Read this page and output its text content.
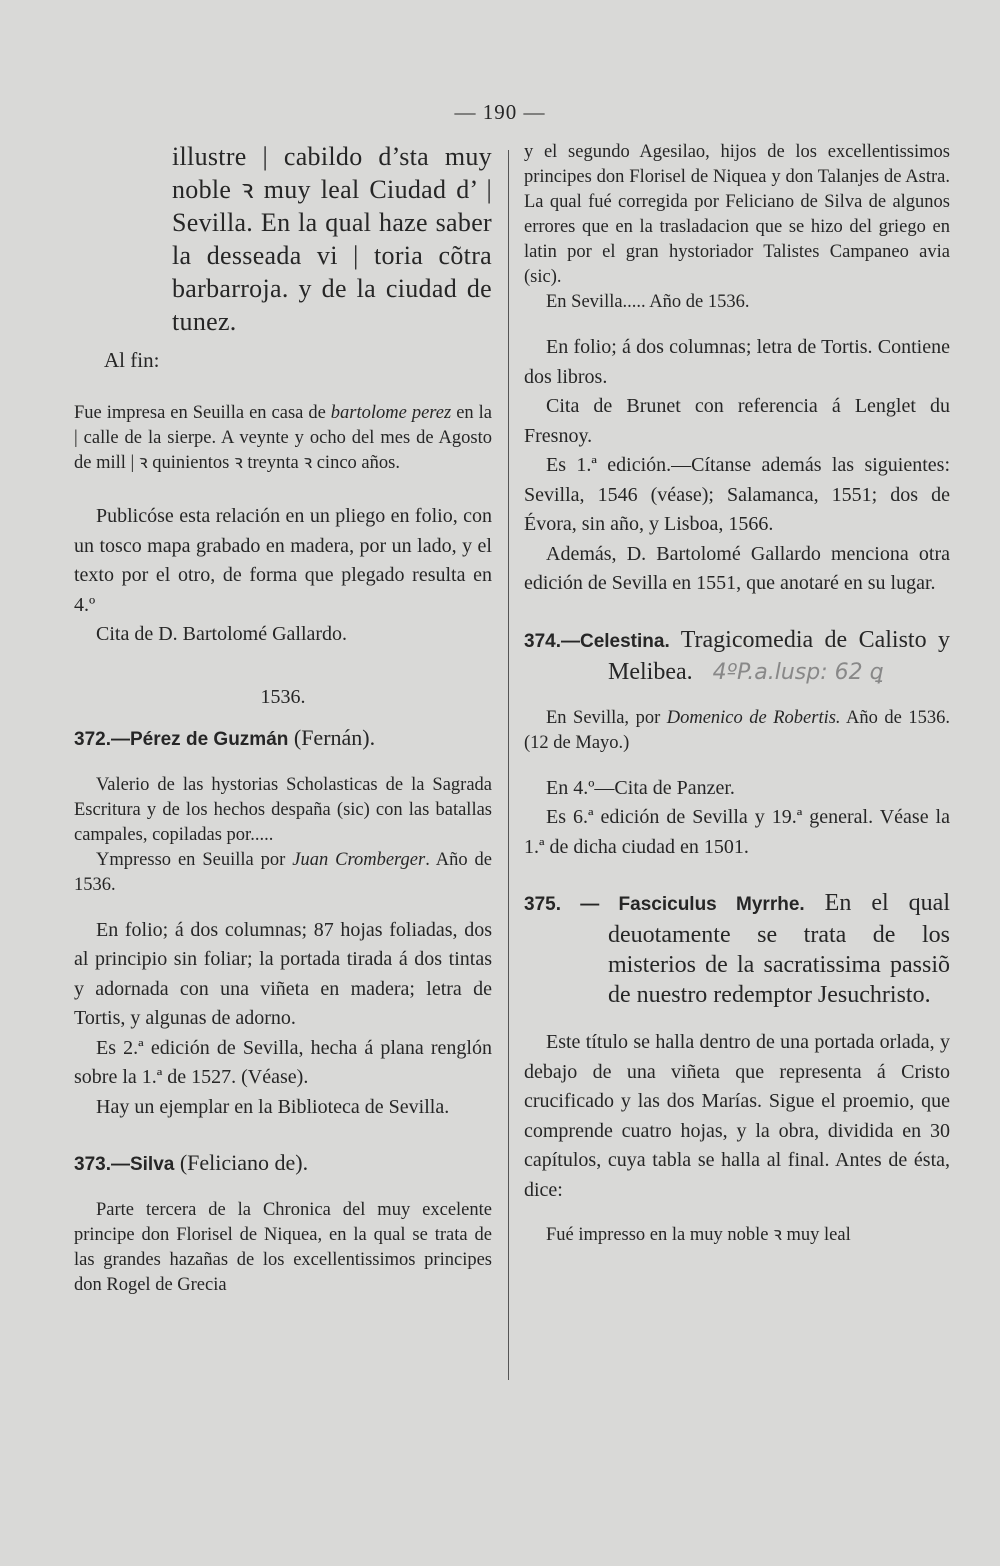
— 190 —

illustre | cabildo d’sta muy noble ꝛ muy leal Ciudad d’ | Sevilla. En la qual haze saber la desseada vi | toria cõtra barbarroja. y de la ciudad de tunez.

Al fin:

Fue impresa en Seuilla en casa de bartolome perez en la | calle de la sierpe. A veynte y ocho del mes de Agosto de mill | ꝛ quinientos ꝛ treynta ꝛ cinco años.

Publicóse esta relación en un pliego en folio, con un tosco mapa grabado en madera, por un lado, y el texto por el otro, de forma que plegado resulta en 4.º

Cita de D. Bartolomé Gallardo.

1536.

372.—Pérez de Guzmán (Fernán).

Valerio de las hystorias Scholasticas de la Sagrada Escritura y de los hechos despaña (sic) con las batallas campales, copiladas por.....

Ympresso en Seuilla por Juan Cromberger. Año de 1536.

En folio; á dos columnas; 87 hojas foliadas, dos al principio sin foliar; la portada tirada á dos tintas y adornada con una viñeta en madera; letra de Tortis, y algunas de adorno.

Es 2.ª edición de Sevilla, hecha á plana renglón sobre la 1.ª de 1527. (Véase).

Hay un ejemplar en la Biblioteca de Sevilla.

373.—Silva (Feliciano de).

Parte tercera de la Chronica del muy excelente principe don Florisel de Niquea, en la qual se trata de las grandes hazañas de los excellentissimos principes don Rogel de Grecia

y el segundo Agesilao, hijos de los excellentissimos principes don Florisel de Niquea y don Talanjes de Astra. La qual fué corregida por Feliciano de Silva de algunos errores que en la trasladacion que se hizo del griego en latin por el gran hystoriador Talistes Campaneo avia (sic).

En Sevilla..... Año de 1536.

En folio; á dos columnas; letra de Tortis. Contiene dos libros.

Cita de Brunet con referencia á Lenglet du Fresnoy.

Es 1.ª edición.—Cítanse además las siguientes: Sevilla, 1546 (véase); Salamanca, 1551; dos de Évora, sin año, y Lisboa, 1566.

Además, D. Bartolomé Gallardo menciona otra edición de Sevilla en 1551, que anotaré en su lugar.

374.—Celestina. Tragicomedia de Calisto y Melibea. 4ºP.a.lusp: 62 ꝗ

En Sevilla, por Domenico de Robertis. Año de 1536. (12 de Mayo.)

En 4.º—Cita de Panzer.

Es 6.ª edición de Sevilla y 19.ª general. Véase la 1.ª de dicha ciudad en 1501.

375. — Fasciculus Myrrhe. En el qual deuotamente se trata de los misterios de la sacratissima passiõ de nuestro redemptor Jesuchristo.

Este título se halla dentro de una portada orlada, y debajo de una viñeta que representa á Cristo crucificado y las dos Marías. Sigue el proemio, que comprende cuatro hojas, y la obra, dividida en 30 capítulos, cuya tabla se halla al final. Antes de ésta, dice:

Fué impresso en la muy noble ꝛ muy leal
